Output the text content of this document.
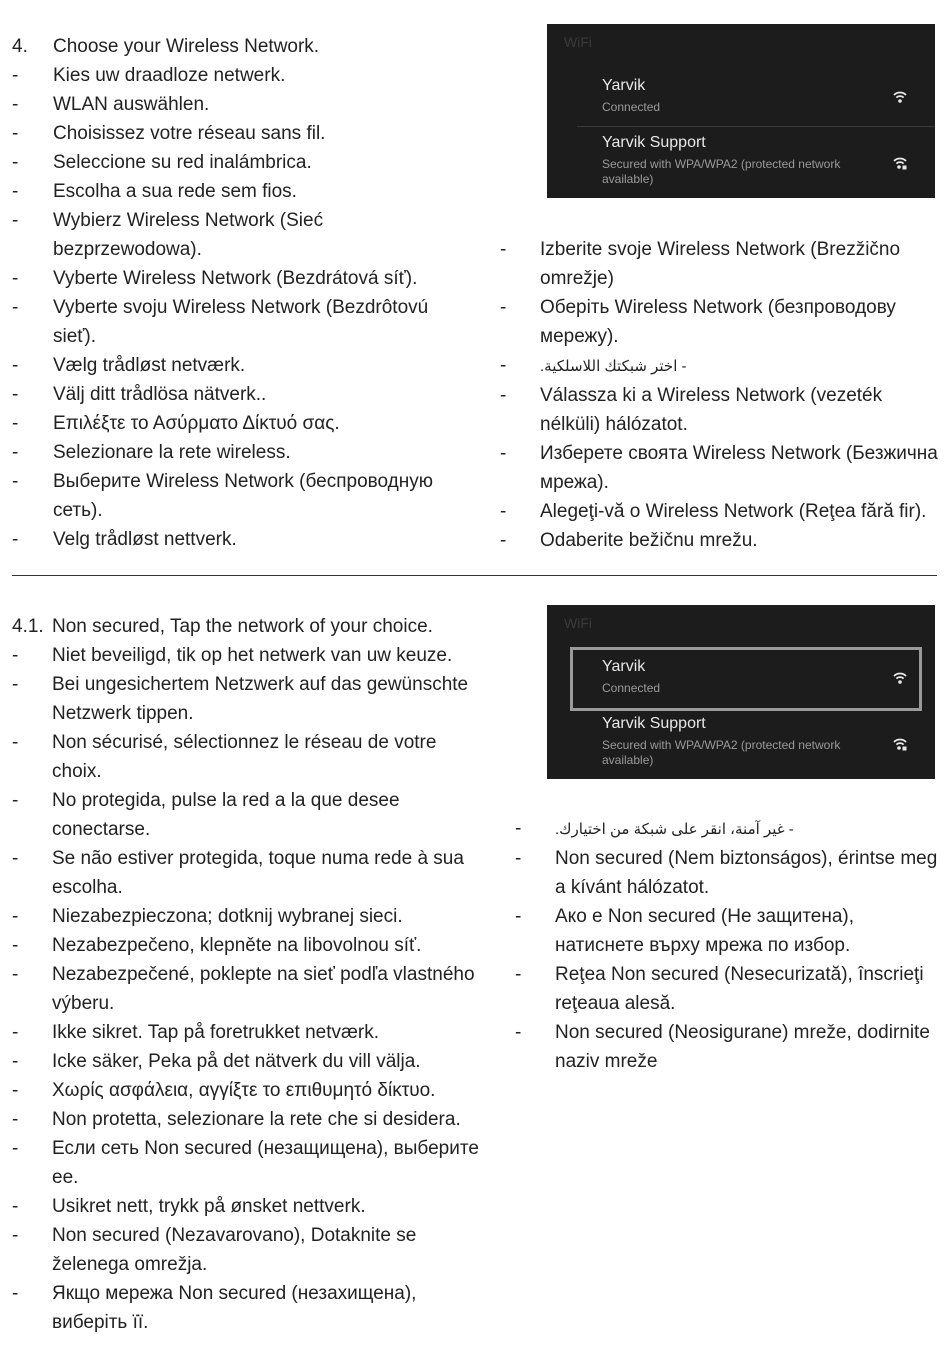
4. Choose your Wireless Network.
- Kies uw draadloze netwerk.
- WLAN auswählen.
- Choisissez votre réseau sans fil.
- Seleccione su red inalámbrica.
- Escolha a sua rede sem fios.
- Wybierz Wireless Network (Sieć bezprzewodowa).
- Vyberte Wireless Network (Bezdrátová síť).
- Vyberte svoju Wireless Network (Bezdrôtovú sieť).
- Vælg trådløst netværk.
- Välj ditt trådlösa nätverk..
- Επιλέξτε το Ασύρματο Δίκτυό σας.
- Selezionare la rete wireless.
- Выберите Wireless Network (беспроводную сеть).
- Velg trådløst nettverk.
WiFi
Yarvik
Connected
Yarvik Support
Secured with WPA/WPA2 (protected network available)
- Izberite svoje Wireless Network (Brezžično omrežje)
- Оберіть Wireless Network (безпроводову мережу).
- - اختر شبكتك اللاسلكية.
- Válassza ki a Wireless Network (vezeték nélküli) hálózatot.
- Изберете своята Wireless Network (Безжична мрежа).
- Alegeţi-vă o Wireless Network (Reţea fără fir).
- Odaberite bežičnu mrežu.
4.1. Non secured, Tap the network of your choice.
- Niet beveiligd, tik op het netwerk van uw keuze.
- Bei ungesichertem Netzwerk auf das gewünschte Netzwerk tippen.
- Non sécurisé, sélectionnez le réseau de votre choix.
- No protegida, pulse la red a la que desee conectarse.
- Se não estiver protegida, toque numa rede à sua escolha.
- Niezabezpieczona; dotknij wybranej sieci.
- Nezabezpečeno, klepněte na libovolnou síť.
- Nezabezpečené, poklepte na sieť podľa vlastného výberu.
- Ikke sikret. Tap på foretrukket netværk.
- Icke säker, Peka på det nätverk du vill välja.
- Χωρίς ασφάλεια, αγγίξτε το επιθυμητό δίκτυο.
- Non protetta, selezionare la rete che si desidera.
- Если сеть Non secured (незащищена), выберите ее.
- Usikret nett, trykk på ønsket nettverk.
- Non secured (Nezavarovano), Dotaknite se želenega omrežja.
- Якщо мережа Non secured (незахищена), виберіть її.
WiFi
Yarvik
Connected
Yarvik Support
Secured with WPA/WPA2 (protected network available)
- - غير آمنة، انقر على شبكة من اختيارك.
- Non secured (Nem biztonságos), érintse meg a kívánt hálózatot.
- Ако е Non secured (Не защитена), натиснете върху мрежа по избор.
- Reţea Non secured (Nesecurizată), înscrieţi reţeaua alesă.
- Non secured (Neosigurane) mreže, dodirnite naziv mreže
